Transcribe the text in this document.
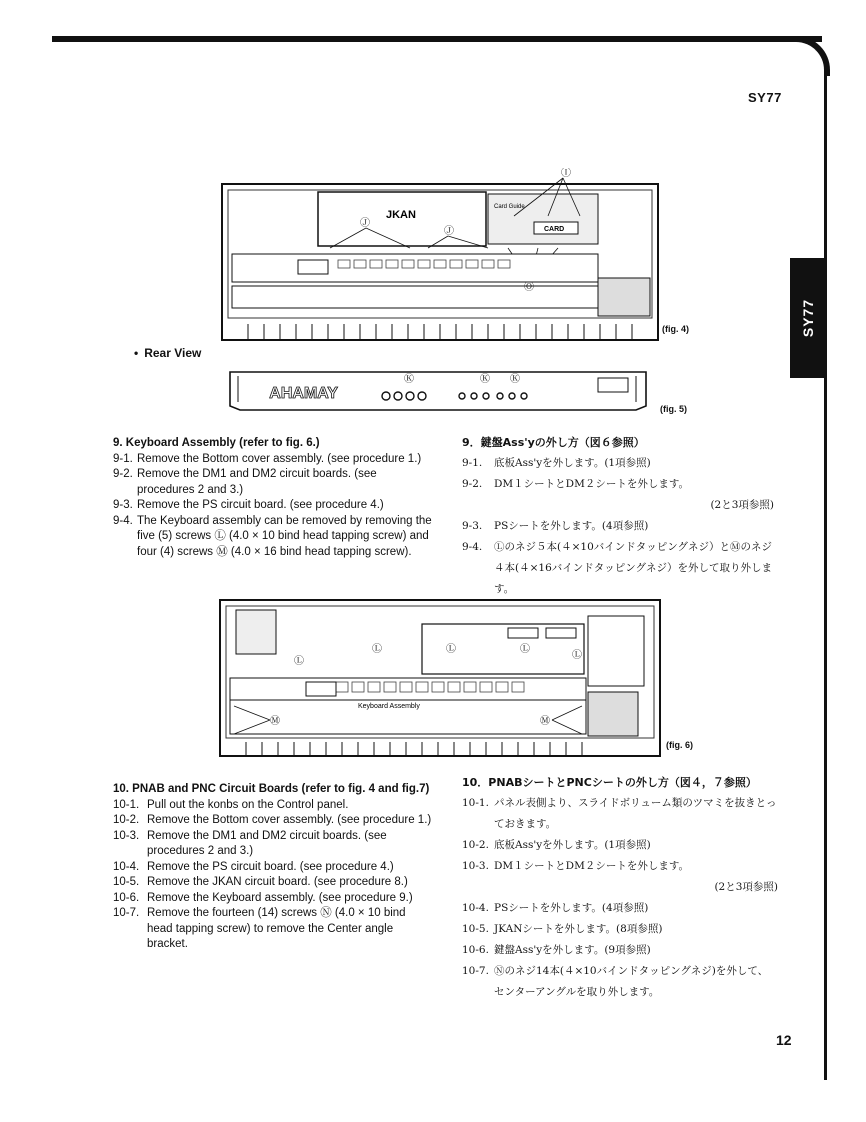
SY77
SY77
JKAN
Card Guide
CARD
Ⓙ
Ⓙ
Ⓘ
Ⓞ
(fig. 4)
• Rear View
YAMAHA
Ⓚ	Ⓚ Ⓚ
(fig. 5)
9. Keyboard Assembly (refer to fig. 6.)
9-1. Remove the Bottom cover assembly. (see procedure 1.)
9-2. Remove the DM1 and DM2 circuit boards. (see procedures 2 and 3.)
9-3. Remove the PS circuit board. (see procedure 4.)
9-4. The Keyboard assembly can be removed by removing the five (5) screws Ⓛ (4.0 × 10 bind head tapping screw) and four (4) screws Ⓜ (4.0 × 16 bind head tapping screw).
9．鍵盤Ass'yの外し方（図６参照）
9-1.	底板Ass'yを外します。(1項参照)
9-2.	DM１シートとDM２シートを外します。
(2と3項参照)
9-3.	PSシートを外します。(4項参照)
9-4.	Ⓛのネジ５本(４×10バインドタッピングネジ）とⓂのネジ４本(４×16バインドタッピングネジ）を外して取り外します。
Ⓛ
Ⓛ	Ⓛ	Ⓛ
Ⓛ
Keyboard Assembly
Ⓜ	Ⓜ
(fig. 6)
10. PNAB and PNC Circuit Boards (refer to fig. 4 and fig.7)
10-1. Pull out the konbs on the Control panel.
10-2. Remove the Bottom cover assembly. (see procedure 1.)
10-3. Remove the DM1 and DM2 circuit boards. (see procedures 2 and 3.)
10-4. Remove the PS circuit board. (see procedure 4.)
10-5. Remove the JKAN circuit board. (see procedure 8.)
10-6. Remove the Keyboard assembly. (see procedure 9.)
10-7. Remove the fourteen (14) screws Ⓝ (4.0 × 10 bind head tapping screw) to remove the Center angle bracket.
10．PNABシートとPNCシートの外し方（図４，７参照）
10-1. パネル表側より、スライドボリューム類のツマミを抜きとっておきます。
10-2. 底板Ass'yを外します。(1項参照)
10-3. DM１シートとDM２シートを外します。
(2と3項参照)
10-4. PSシートを外します。(4項参照)
10-5. JKANシートを外します。(8項参照)
10-6. 鍵盤Ass'yを外します。(9項参照)
10-7. Ⓝのネジ14本(４×10バインドタッピングネジ)を外して、センターアングルを取り外します。
12
